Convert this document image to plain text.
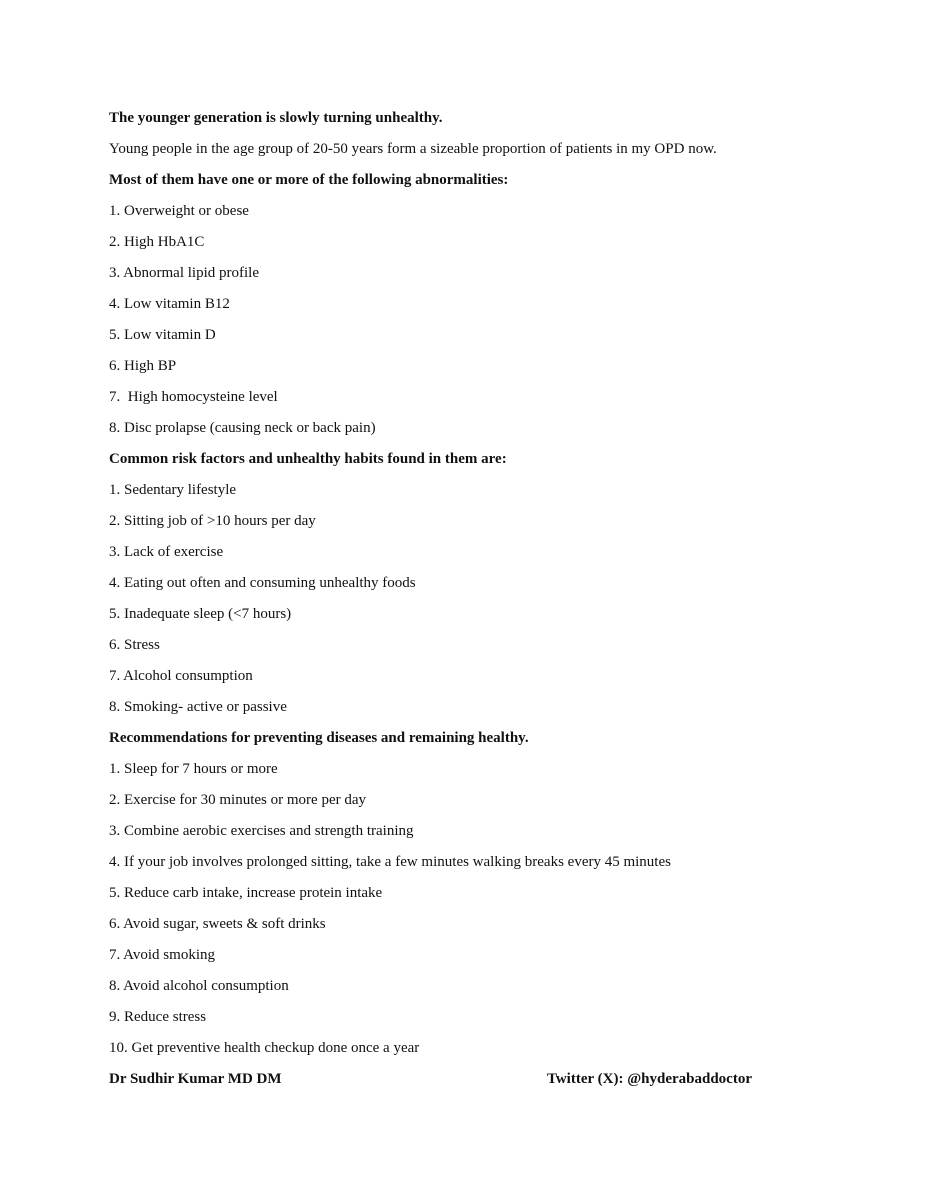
The younger generation is slowly turning unhealthy.
Young people in the age group of 20-50 years form a sizeable proportion of patients in my OPD now.
Most of them have one or more of the following abnormalities:
1. Overweight or obese
2. High HbA1C
3. Abnormal lipid profile
4. Low vitamin B12
5. Low vitamin D
6. High BP
7.  High homocysteine level
8. Disc prolapse (causing neck or back pain)
Common risk factors and unhealthy habits found in them are:
1. Sedentary lifestyle
2. Sitting job of >10 hours per day
3. Lack of exercise
4. Eating out often and consuming unhealthy foods
5. Inadequate sleep (<7 hours)
6. Stress
7. Alcohol consumption
8. Smoking- active or passive
Recommendations for preventing diseases and remaining healthy.
1. Sleep for 7 hours or more
2. Exercise for 30 minutes or more per day
3. Combine aerobic exercises and strength training
4. If your job involves prolonged sitting, take a few minutes walking breaks every 45 minutes
5. Reduce carb intake, increase protein intake
6. Avoid sugar, sweets & soft drinks
7. Avoid smoking
8. Avoid alcohol consumption
9. Reduce stress
10. Get preventive health checkup done once a year
Dr Sudhir Kumar MD DM	Twitter (X): @hyderabaddoctor
